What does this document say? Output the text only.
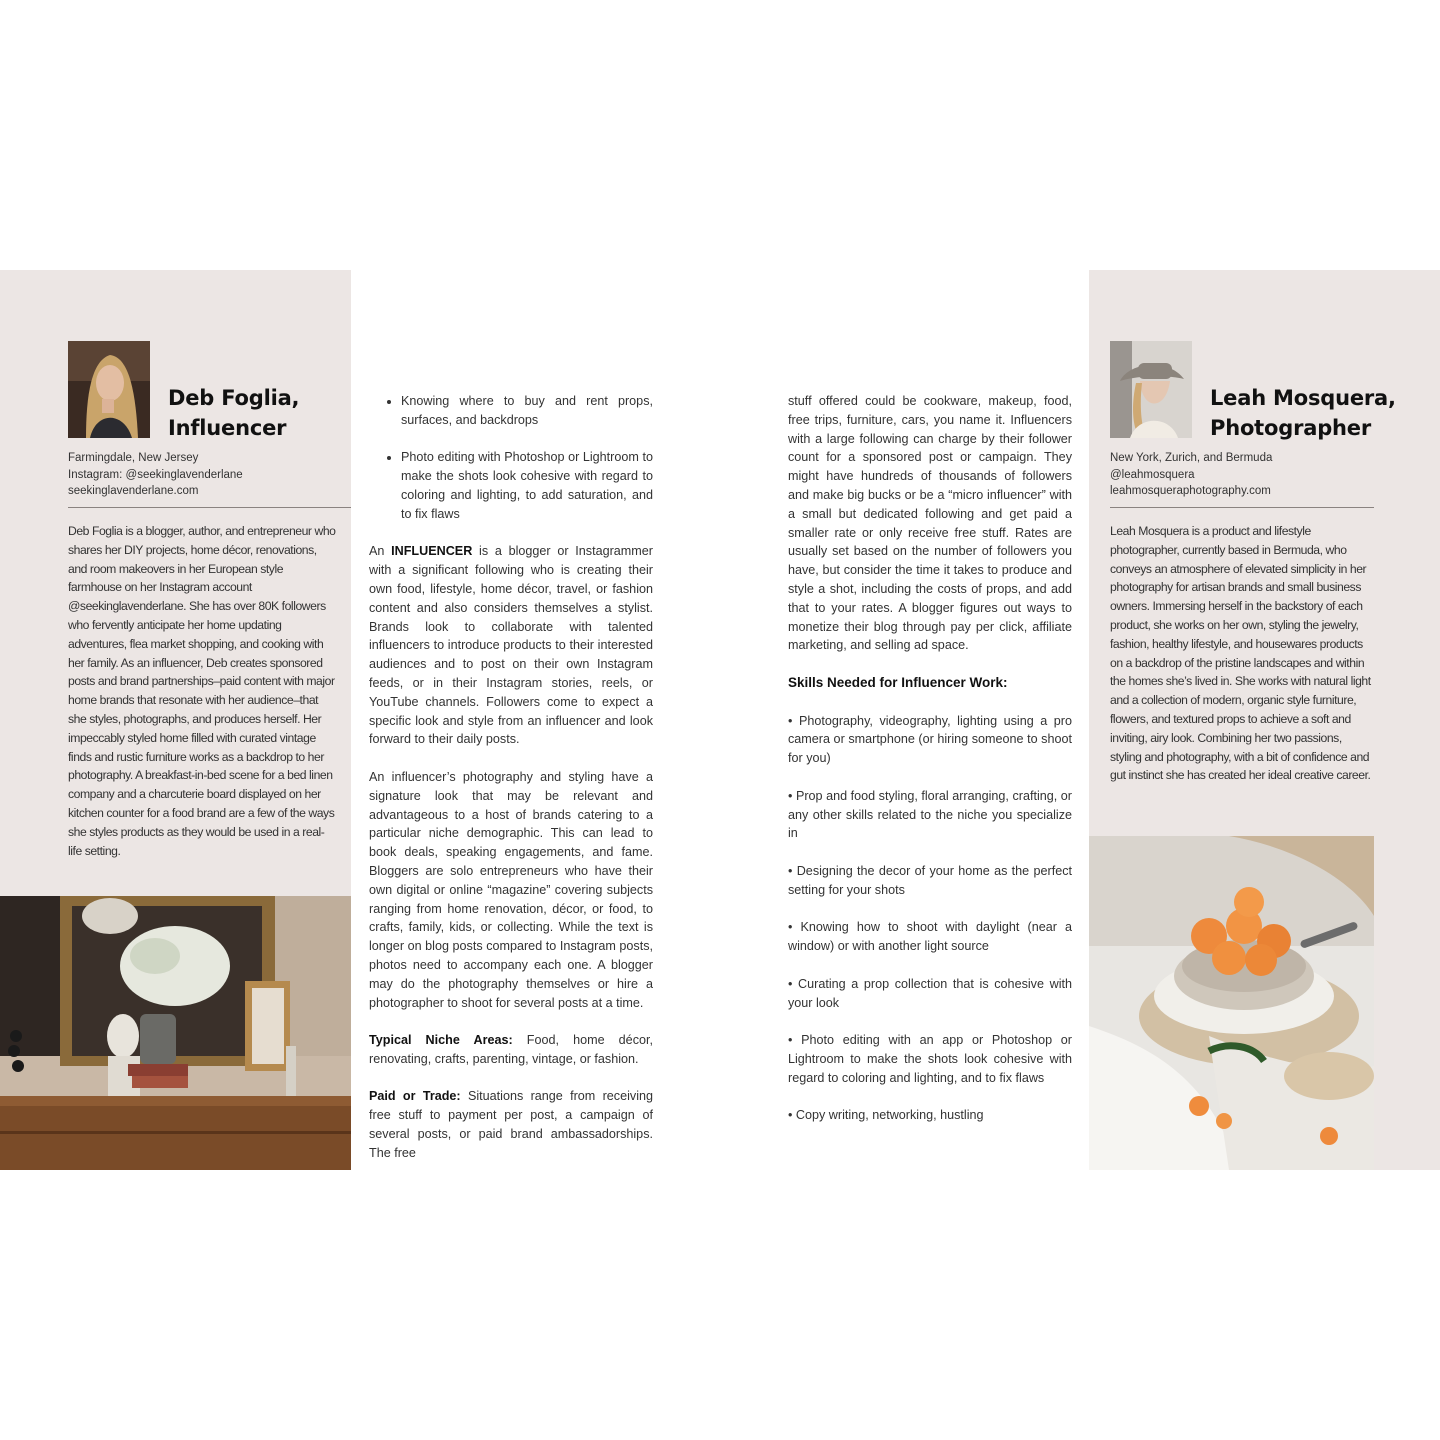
Deb Foglia,
Influencer
Farmingdale, New Jersey
Instagram: @seekinglavenderlane
seekinglavenderlane.com
Deb Foglia is a blogger, author, and entrepreneur who shares her DIY projects, home décor, renovations, and room makeovers in her European style farmhouse on her Instagram account @seekinglavenderlane. She has over 80K followers who fervently anticipate her home updating adventures, flea market shopping, and cooking with her family. As an influencer, Deb creates sponsored posts and brand partnerships–paid content with major home brands that resonate with her audience–that she styles, photographs, and produces herself. Her impeccably styled home filled with curated vintage finds and rustic furniture works as a backdrop to her photography. A breakfast-in-bed scene for a bed linen company and a charcuterie board displayed on her kitchen counter for a food brand are a few of the ways she styles products as they would be used in a real-life setting.
• Knowing where to buy and rent props, surfaces, and backdrops
• Photo editing with Photoshop or Lightroom to make the shots look cohesive with regard to coloring and lighting, to add saturation, and to fix flaws

An INFLUENCER is a blogger or Instagrammer with a significant following who is creating their own food, lifestyle, home décor, travel, or fashion content and also considers themselves a stylist. Brands look to collaborate with talented influencers to introduce products to their interested audiences and to post on their own Instagram feeds, or in their Instagram stories, reels, or YouTube channels. Followers come to expect a specific look and style from an influencer and look forward to their daily posts.

An influencer’s photography and styling have a signature look that may be relevant and advantageous to a host of brands catering to a particular niche demographic. This can lead to book deals, speaking engagements, and fame. Bloggers are solo entrepreneurs who have their own digital or online “magazine” covering subjects ranging from home renovation, décor, or food, to crafts, family, kids, or collecting. While the text is longer on blog posts compared to Instagram posts, photos need to accompany each one. A blogger may do the photography themselves or hire a photographer to shoot for several posts at a time.

Typical Niche Areas: Food, home décor, renovating, crafts, parenting, vintage, or fashion.

Paid or Trade: Situations range from receiving free stuff to payment per post, a campaign of several posts, or paid brand ambassadorships. The free

stuff offered could be cookware, makeup, food, free trips, furniture, cars, you name it. Influencers with a large following can charge by their follower count for a sponsored post or campaign. They might have hundreds of thousands of followers and make big bucks or be a “micro influencer” with a small but dedicated following and get paid a smaller rate or only receive free stuff. Rates are usually set based on the number of followers you have, but consider the time it takes to produce and style a shot, including the costs of props, and add that to your rates. A blogger figures out ways to monetize their blog through pay per click, affiliate marketing, and selling ad space.

Skills Needed for Influencer Work:

• Photography, videography, lighting using a pro camera or smartphone (or hiring someone to shoot for you)

• Prop and food styling, floral arranging, crafting, or any other skills related to the niche you specialize in

• Designing the decor of your home as the perfect setting for your shots

• Knowing how to shoot with daylight (near a window) or with another light source

• Curating a prop collection that is cohesive with your look

• Photo editing with an app or Photoshop or Lightroom to make the shots look cohesive with regard to coloring and lighting, and to fix flaws

• Copy writing, networking, hustling

Leah Mosquera,
Photographer
New York, Zurich, and Bermuda
@leahmosquera
leahmosqueraphotography.com
Leah Mosquera is a product and lifestyle photographer, currently based in Bermuda, who conveys an atmosphere of elevated simplicity in her photography for artisan brands and small business owners. Immersing herself in the backstory of each product, she works on her own, styling the jewelry, fashion, healthy lifestyle, and housewares products on a backdrop of the pristine landscapes and within the homes she’s lived in. She works with natural light and a collection of modern, organic style furniture, flowers, and textured props to achieve a soft and inviting, airy look. Combining her two passions, styling and photography, with a bit of confidence and gut instinct she has created her ideal creative career.
